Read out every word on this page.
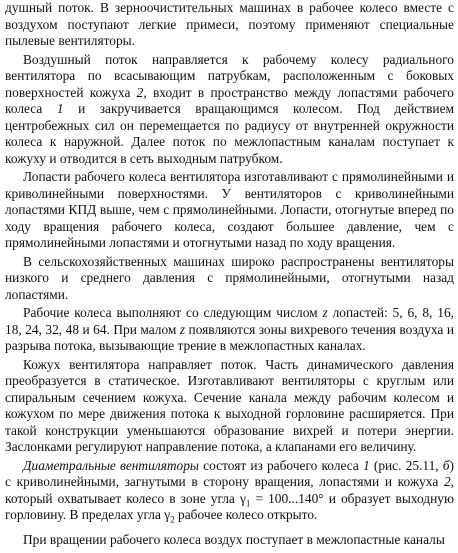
душный поток. В зерноочистительных машинах в рабочее колесо вместе с воздухом поступают легкие примеси, поэтому применяют специальные пылевые вентиляторы.
Воздушный поток направляется к рабочему колесу радиального вентилятора по всасывающим патрубкам, расположенным с боковых поверхностей кожуха 2, входит в пространство между лопастями рабочего колеса 1 и закручивается вращающимся колесом. Под действием центробежных сил он перемещается по радиусу от внутренней окружности колеса к наружной. Далее поток по межлопастным каналам поступает к кожуху и отводится в сеть выходным патрубком.
Лопасти рабочего колеса вентилятора изготавливают с прямолинейными и криволинейными поверхностями. У вентиляторов с криволинейными лопастями КПД выше, чем с прямолинейными. Лопасти, отогнутые вперед по ходу вращения рабочего колеса, создают большее давление, чем с прямолинейными лопастями и отогнутыми назад по ходу вращения.
В сельскохозяйственных машинах широко распространены вентиляторы низкого и среднего давления с прямолинейными, отогнутыми назад лопастями.
Рабочие колеса выполняют со следующим числом z лопастей: 5, 6, 8, 16, 18, 24, 32, 48 и 64. При малом z появляются зоны вихревого течения воздуха и разрыва потока, вызывающие трение в межлопастных каналах.
Кожух вентилятора направляет поток. Часть динамического давления преобразуется в статическое. Изготавливают вентиляторы с круглым или спиральным сечением кожуха. Сечение канала между рабочим колесом и кожухом по мере движения потока к выходной горловине расширяется. При такой конструкции уменьшаются образование вихрей и потери энергии. Заслонками регулируют направление потока, а клапанами его величину.
Диаметральные вентиляторы состоят из рабочего колеса 1 (рис. 25.11, б) с криволинейными, загнутыми в сторону вращения, лопастями и кожуха 2, который охватывает колесо в зоне угла $\gamma_1 = 100...140^\circ$ и образует выходную горловину. В пределах угла $\gamma_2$ рабочее колесо открыто.
При вращении рабочего колеса воздух поступает в межлопастные каналы
